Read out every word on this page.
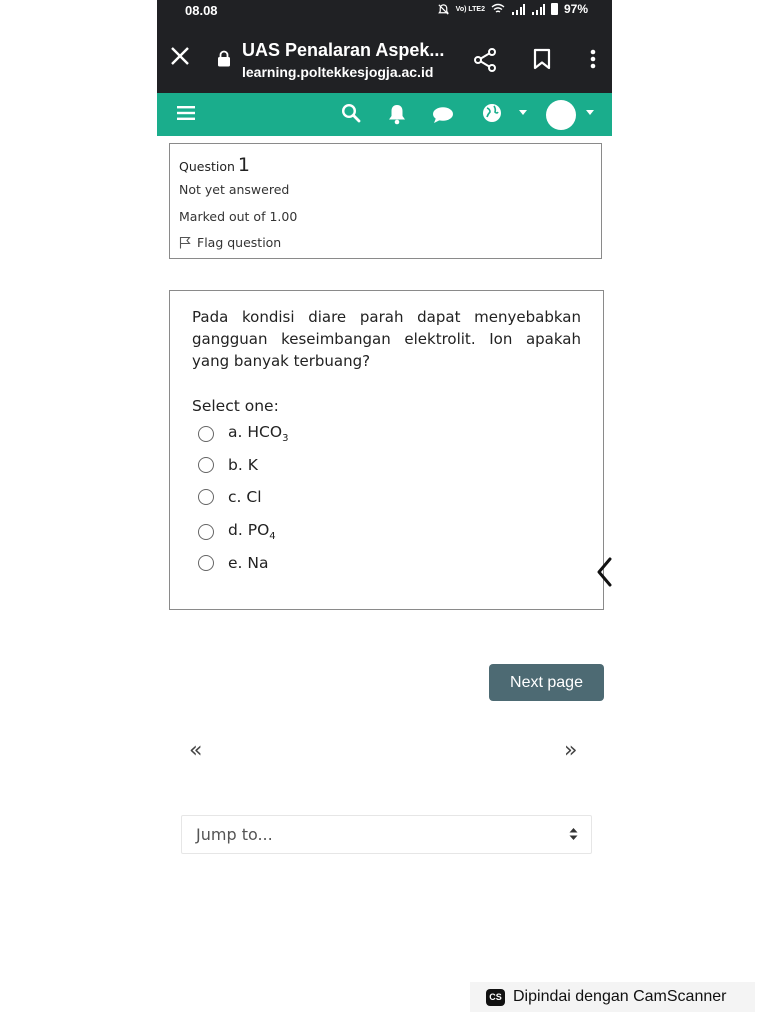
08.08	Vo) LTE2	97%
UAS Penalaran Aspek...
learning.poltekkesjogja.ac.id
Question 1
Not yet answered
Marked out of 1.00
Flag question
Pada kondisi diare parah dapat menyebabkan gangguan keseimbangan elektrolit. Ion apakah yang banyak terbuang?
Select one:
a. $HCO_3$
b. K
c. Cl
d. $PO_4$
e. Na
Next page
«	»
Jump to...
CS Dipindai dengan CamScanner
